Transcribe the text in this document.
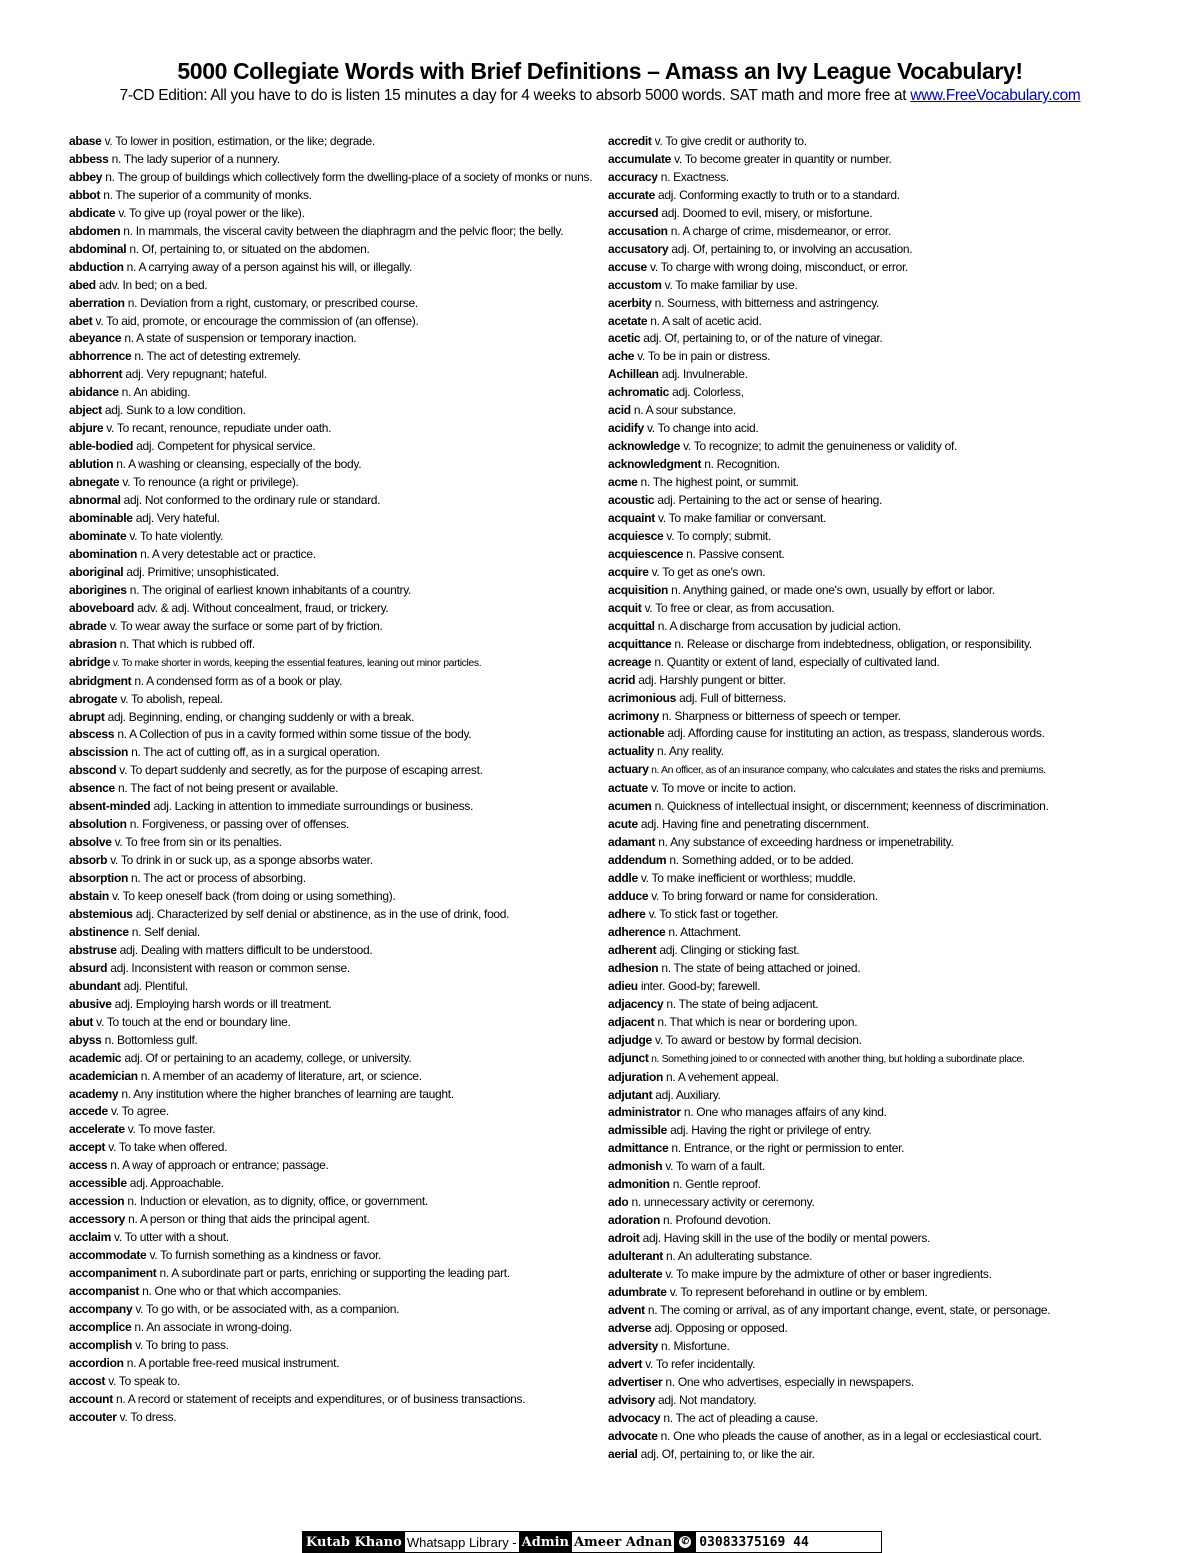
5000 Collegiate Words with Brief Definitions – Amass an Ivy League Vocabulary!
7-CD Edition: All you have to do is listen 15 minutes a day for 4 weeks to absorb 5000 words. SAT math and more free at www.FreeVocabulary.com

abase v. To lower in position, estimation, or the like; degrade.

abbess n. The lady superior of a nunnery.

abbey n. The group of buildings which collectively form the dwelling-place of a society of monks or nuns.

abbot n. The superior of a community of monks.

abdicate v. To give up (royal power or the like).

abdomen n. In mammals, the visceral cavity between the diaphragm and the pelvic floor; the belly.

abdominal n. Of, pertaining to, or situated on the abdomen.

abduction n. A carrying away of a person against his will, or illegally.

abed adv. In bed; on a bed.

aberration n. Deviation from a right, customary, or prescribed course.

abet v. To aid, promote, or encourage the commission of (an offense).

abeyance n. A state of suspension or temporary inaction.

abhorrence n. The act of detesting extremely.

abhorrent adj. Very repugnant; hateful.

abidance n. An abiding.

abject adj. Sunk to a low condition.

abjure v. To recant, renounce, repudiate under oath.

able-bodied adj. Competent for physical service.

ablution n. A washing or cleansing, especially of the body.

abnegate v. To renounce (a right or privilege).

abnormal adj. Not conformed to the ordinary rule or standard.

abominable adj. Very hateful.

abominate v. To hate violently.

abomination n. A very detestable act or practice.

aboriginal adj. Primitive; unsophisticated.

aborigines n. The original of earliest known inhabitants of a country.

aboveboard adv. & adj. Without concealment, fraud, or trickery.

abrade v. To wear away the surface or some part of by friction.

abrasion n. That which is rubbed off.

abridge v. To make shorter in words, keeping the essential features, leaning out minor particles.

abridgment n. A condensed form as of a book or play.

abrogate v. To abolish, repeal.

abrupt adj. Beginning, ending, or changing suddenly or with a break.

abscess n. A Collection of pus in a cavity formed within some tissue of the body.

abscission n. The act of cutting off, as in a surgical operation.

abscond v. To depart suddenly and secretly, as for the purpose of escaping arrest.

absence n. The fact of not being present or available.

absent-minded adj. Lacking in attention to immediate surroundings or business.

absolution n. Forgiveness, or passing over of offenses.

absolve v. To free from sin or its penalties.

absorb v. To drink in or suck up, as a sponge absorbs water.

absorption n. The act or process of absorbing.

abstain v. To keep oneself back (from doing or using something).

abstemious adj. Characterized by self denial or abstinence, as in the use of drink, food.

abstinence n. Self denial.

abstruse adj. Dealing with matters difficult to be understood.

absurd adj. Inconsistent with reason or common sense.

abundant adj. Plentiful.

abusive adj. Employing harsh words or ill treatment.

abut v. To touch at the end or boundary line.

abyss n. Bottomless gulf.

academic adj. Of or pertaining to an academy, college, or university.

academician n. A member of an academy of literature, art, or science.

academy n. Any institution where the higher branches of learning are taught.

accede v. To agree.

accelerate v. To move faster.

accept v. To take when offered.

access n. A way of approach or entrance; passage.

accessible adj. Approachable.

accession n. Induction or elevation, as to dignity, office, or government.

accessory n. A person or thing that aids the principal agent.

acclaim v. To utter with a shout.

accommodate v. To furnish something as a kindness or favor.

accompaniment n. A subordinate part or parts, enriching or supporting the leading part.

accompanist n. One who or that which accompanies.

accompany v. To go with, or be associated with, as a companion.

accomplice n. An associate in wrong-doing.

accomplish v. To bring to pass.

accordion n. A portable free-reed musical instrument.

accost v. To speak to.

account n. A record or statement of receipts and expenditures, or of business transactions.

accouter v. To dress.

accredit v. To give credit or authority to.

accumulate v. To become greater in quantity or number.

accuracy n. Exactness.

accurate adj. Conforming exactly to truth or to a standard.

accursed adj. Doomed to evil, misery, or misfortune.

accusation n. A charge of crime, misdemeanor, or error.

accusatory adj. Of, pertaining to, or involving an accusation.

accuse v. To charge with wrong doing, misconduct, or error.

accustom v. To make familiar by use.

acerbity n. Sourness, with bitterness and astringency.

acetate n. A salt of acetic acid.

acetic adj. Of, pertaining to, or of the nature of vinegar.

ache v. To be in pain or distress.

Achillean adj. Invulnerable.

achromatic adj. Colorless,

acid n. A sour substance.

acidify v. To change into acid.

acknowledge v. To recognize; to admit the genuineness or validity of.

acknowledgment n. Recognition.

acme n. The highest point, or summit.

acoustic adj. Pertaining to the act or sense of hearing.

acquaint v. To make familiar or conversant.

acquiesce v. To comply; submit.

acquiescence n. Passive consent.

acquire v. To get as one's own.

acquisition n. Anything gained, or made one's own, usually by effort or labor.

acquit v. To free or clear, as from accusation.

acquittal n. A discharge from accusation by judicial action.

acquittance n. Release or discharge from indebtedness, obligation, or responsibility.

acreage n. Quantity or extent of land, especially of cultivated land.

acrid adj. Harshly pungent or bitter.

acrimonious adj. Full of bitterness.

acrimony n. Sharpness or bitterness of speech or temper.

actionable adj. Affording cause for instituting an action, as trespass, slanderous words.

actuality n. Any reality.

actuary n. An officer, as of an insurance company, who calculates and states the risks and premiums.

actuate v. To move or incite to action.

acumen n. Quickness of intellectual insight, or discernment; keenness of discrimination.

acute adj. Having fine and penetrating discernment.

adamant n. Any substance of exceeding hardness or impenetrability.

addendum n. Something added, or to be added.

addle v. To make inefficient or worthless; muddle.

adduce v. To bring forward or name for consideration.

adhere v. To stick fast or together.

adherence n. Attachment.

adherent adj. Clinging or sticking fast.

adhesion n. The state of being attached or joined.

adieu inter. Good-by; farewell.

adjacency n. The state of being adjacent.

adjacent n. That which is near or bordering upon.

adjudge v. To award or bestow by formal decision.

adjunct n. Something joined to or connected with another thing, but holding a subordinate place.

adjuration n. A vehement appeal.

adjutant adj. Auxiliary.

administrator n. One who manages affairs of any kind.

admissible adj. Having the right or privilege of entry.

admittance n. Entrance, or the right or permission to enter.

admonish v. To warn of a fault.

admonition n. Gentle reproof.

ado n. unnecessary activity or ceremony.

adoration n. Profound devotion.

adroit adj. Having skill in the use of the bodily or mental powers.

adulterant n. An adulterating substance.

adulterate v. To make impure by the admixture of other or baser ingredients.

adumbrate v. To represent beforehand in outline or by emblem.

advent n. The coming or arrival, as of any important change, event, state, or personage.

adverse adj. Opposing or opposed.

adversity n. Misfortune.

advert v. To refer incidentally.

advertiser n. One who advertises, especially in newspapers.

advisory adj. Not mandatory.

advocacy n. The act of pleading a cause.

advocate n. One who pleads the cause of another, as in a legal or ecclesiastical court.

aerial adj. Of, pertaining to, or like the air.

Kutab Khano Whatsapp Library - Admin Ameer Adnan ✆ 03083375169 44
